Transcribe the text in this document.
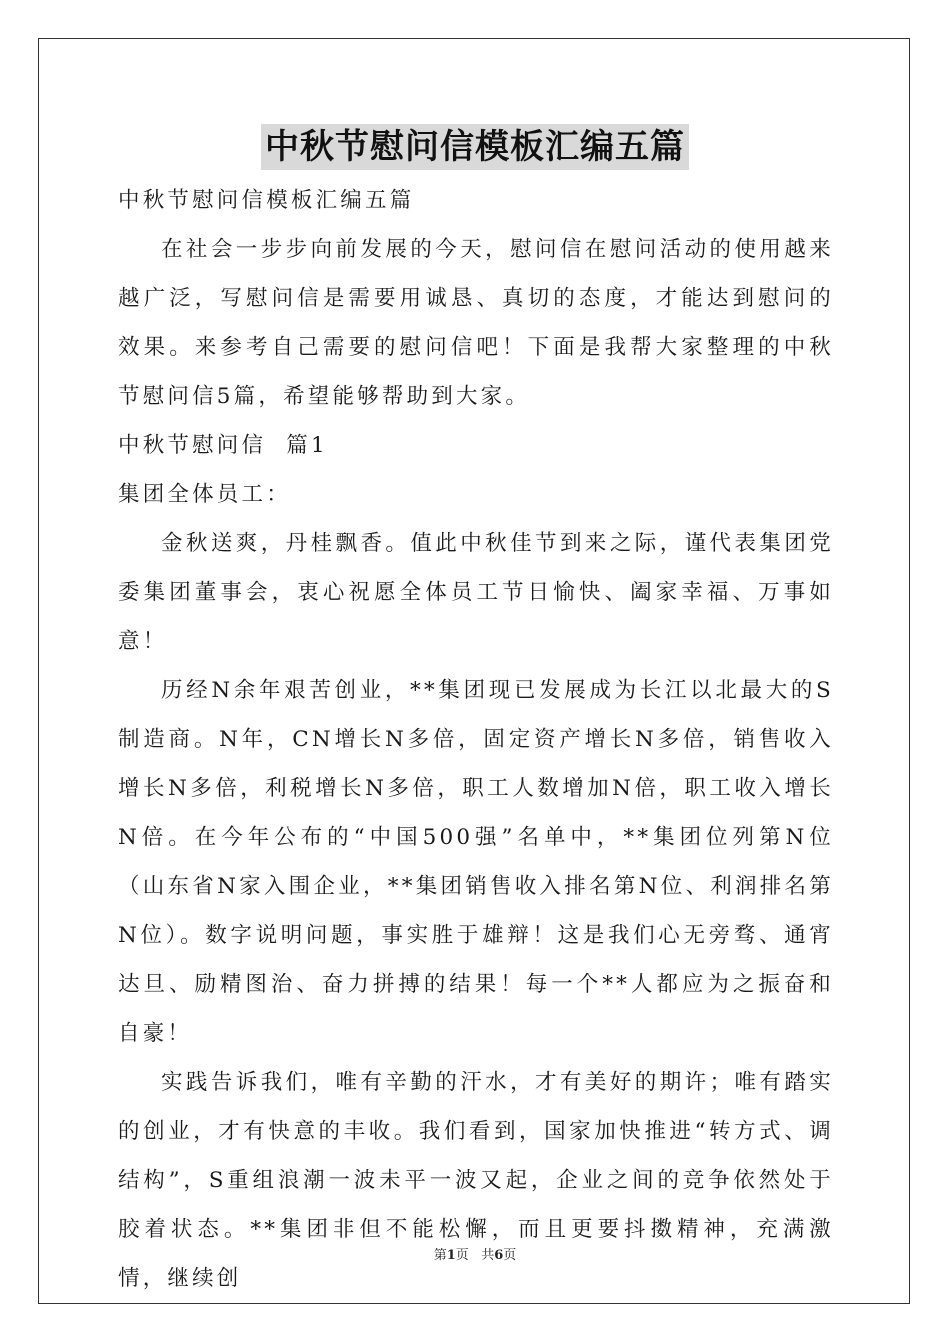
中秋节慰问信模板汇编五篇

中秋节慰问信模板汇编五篇

在社会一步步向前发展的今天，慰问信在慰问活动的使用越来越广泛，写慰问信是需要用诚恳、真切的态度，才能达到慰问的效果。来参考自己需要的慰问信吧！下面是我帮大家整理的中秋节慰问信5篇，希望能够帮助到大家。

中秋节慰问信  篇1

集团全体员工：

金秋送爽，丹桂飘香。值此中秋佳节到来之际，谨代表集团党委集团董事会，衷心祝愿全体员工节日愉快、阖家幸福、万事如意！

历经N余年艰苦创业，**集团现已发展成为长江以北最大的S制造商。N年，CN增长N多倍，固定资产增长N多倍，销售收入增长N多倍，利税增长N多倍，职工人数增加N倍，职工收入增长N倍。在今年公布的“中国500强”名单中，**集团位列第N位（山东省N家入围企业，**集团销售收入排名第N位、利润排名第N位）。数字说明问题，事实胜于雄辩！这是我们心无旁骛、通宵达旦、励精图治、奋力拼搏的结果！每一个**人都应为之振奋和自豪！

实践告诉我们，唯有辛勤的汗水，才有美好的期许；唯有踏实的创业，才有快意的丰收。我们看到，国家加快推进“转方式、调结构”，S重组浪潮一波未平一波又起，企业之间的竞争依然处于胶着状态。**集团非但不能松懈，而且更要抖擞精神，充满激情，继续创

第1页 共6页
